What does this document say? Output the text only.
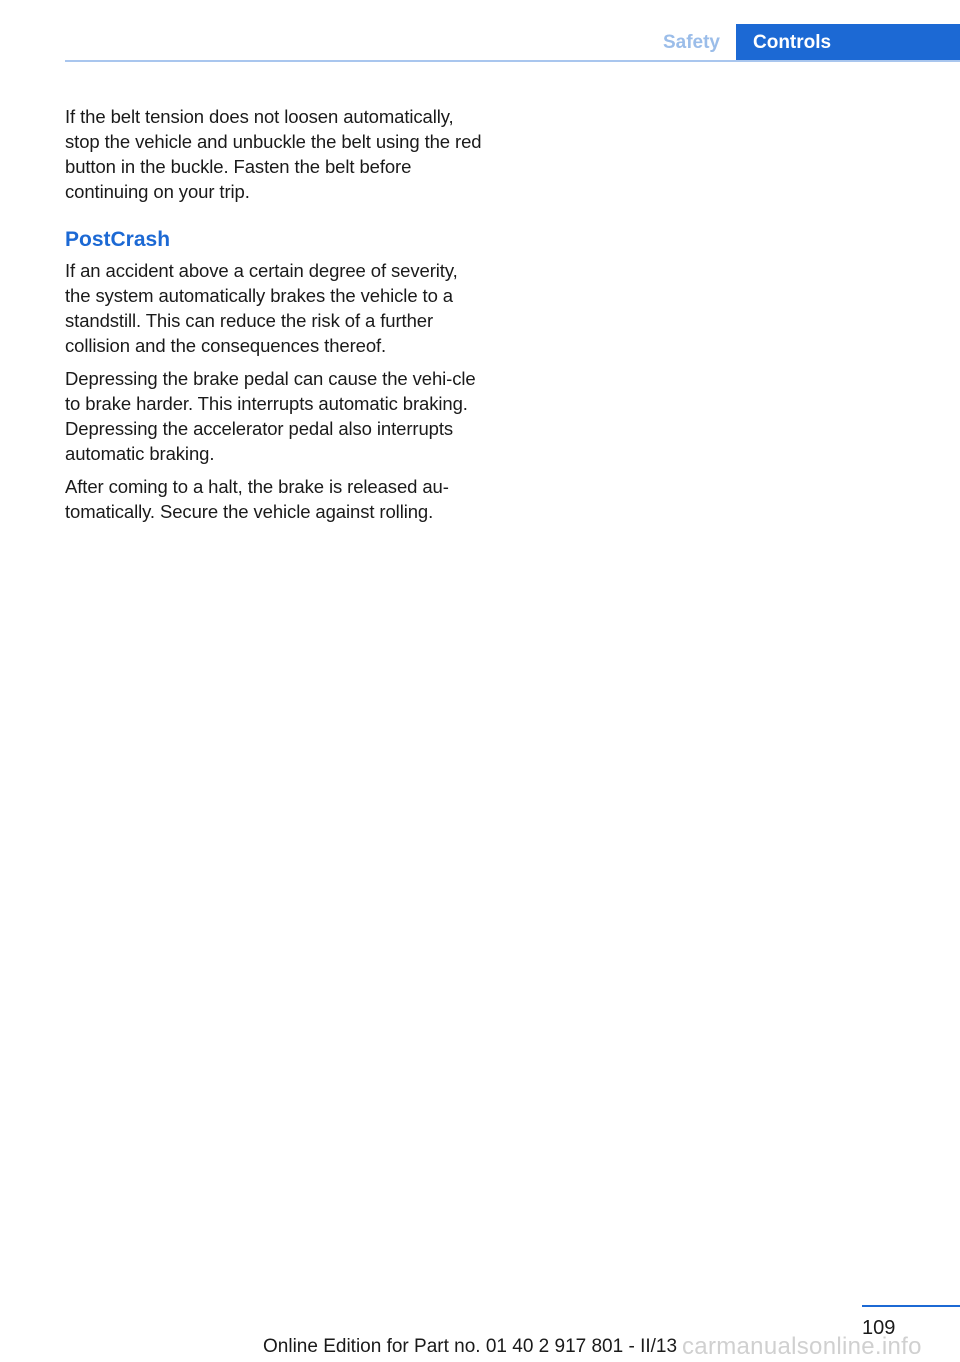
Safety	Controls

If the belt tension does not loosen automatically, stop the vehicle and unbuckle the belt using the red button in the buckle. Fasten the belt before continuing on your trip.

PostCrash

If an accident above a certain degree of severity, the system automatically brakes the vehicle to a standstill. This can reduce the risk of a further collision and the consequences thereof.

Depressing the brake pedal can cause the vehi-cle to brake harder. This interrupts automatic braking. Depressing the accelerator pedal also interrupts automatic braking.

After coming to a halt, the brake is released au-tomatically. Secure the vehicle against rolling.

109
Online Edition for Part no. 01 40 2 917 801 - II/13 carmanualsonline.info
